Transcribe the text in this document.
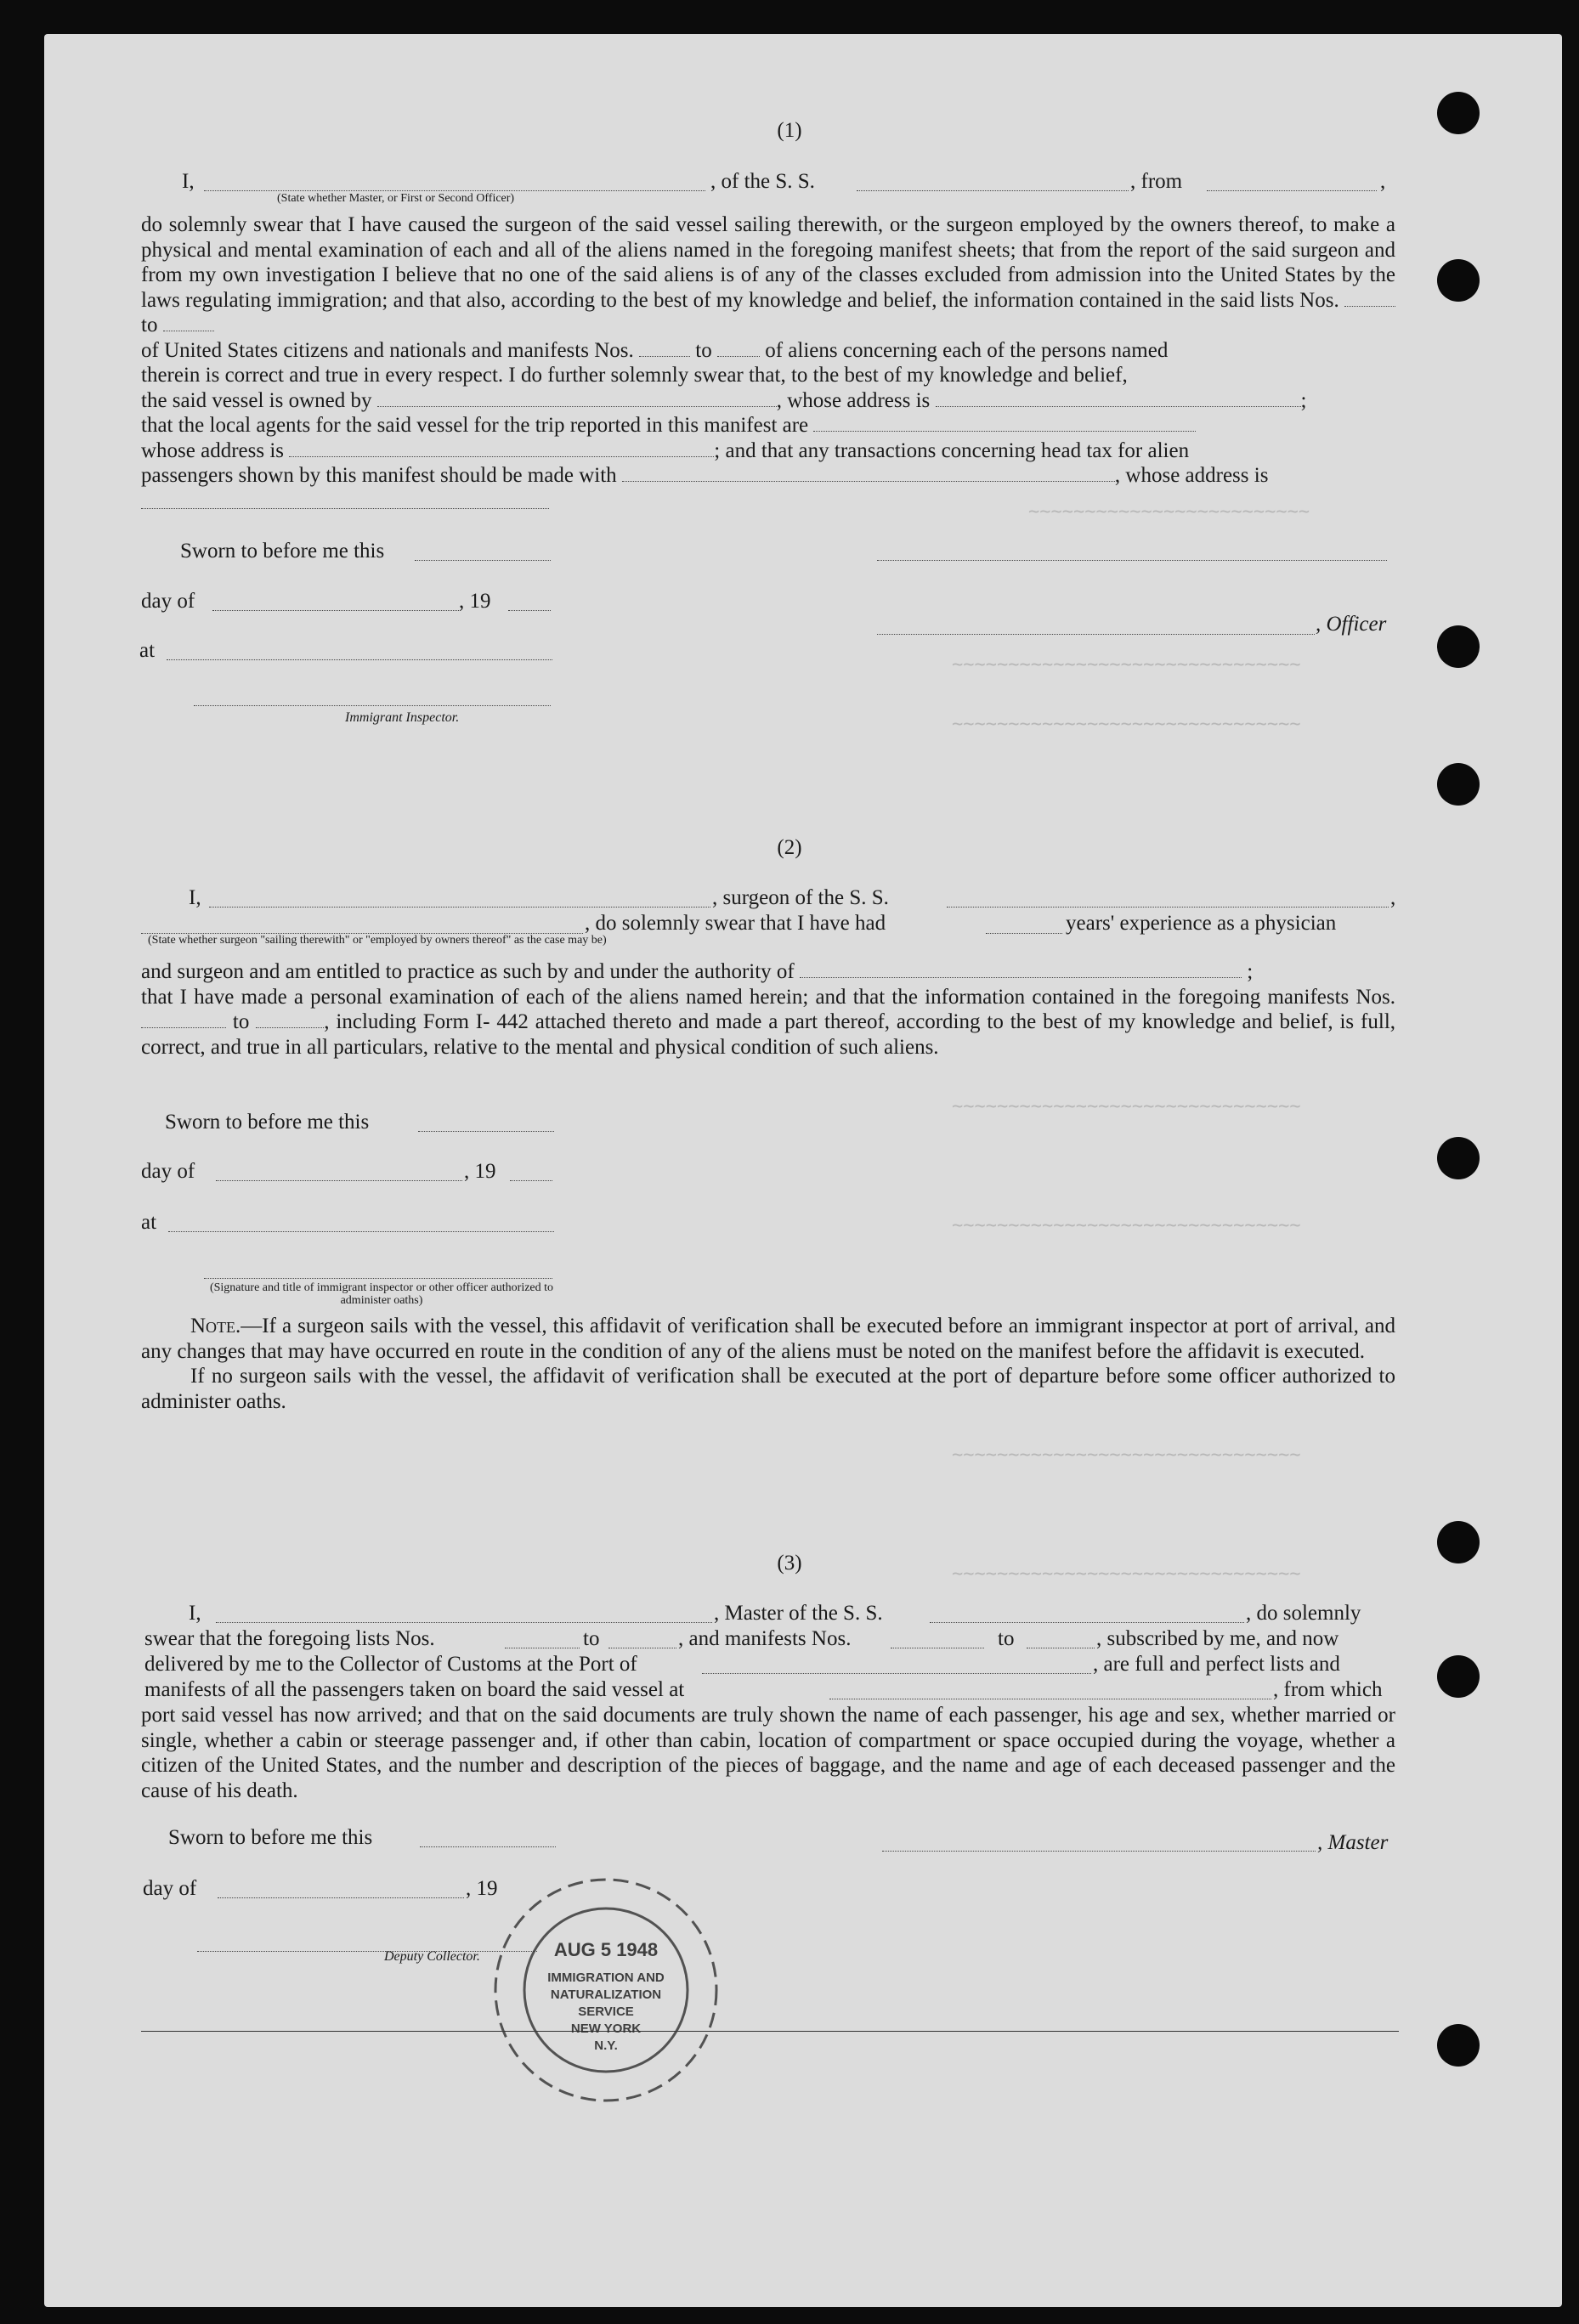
~~~~~~~~~~~~~~~~~~~~~~~~~
~~~~~~~~~~~~~~~~~~~~~~~~~~~~~~~
~~~~~~~~~~~~~~~~~~~~~~~~~~~~~~~
~~~~~~~~~~~~~~~~~~~~~~~~~~~~~~~
~~~~~~~~~~~~~~~~~~~~~~~~~~~~~~~
~~~~~~~~~~~~~~~~~~~~~~~~~~~~~~~
~~~~~~~~~~~~~~~~~~~~~~~~~~~~~~~
(1)
I,	, of the S. S.	, from	,
(State whether Master, or First or Second Officer)

do solemnly swear that I have caused the surgeon of the said vessel sailing therewith, or the surgeon employed by the owners thereof, to make a physical and mental examination of each and all of the aliens named in the foregoing manifest sheets; that from the report of the said surgeon and from my own investigation I believe that no one of the said aliens is of any of the classes excluded from admission into the United States by the laws regulating immigration; and that also, according to the best of my knowledge and belief, the information contained in the said lists Nos.  to

of United States citizens and nationals and manifests Nos.	to	of aliens concerning each of the persons named

therein is correct and true in every respect. I do further solemnly swear that, to the best of my knowledge and belief,

the said vessel is owned by	, whose address is	;

that the local agents for the said vessel for the trip reported in this manifest are

whose address is	; and that any transactions concerning head tax for alien

passengers shown by this manifest should be made with	, whose address is

Sworn to before me this
day of	, 19
, Officer
at
Immigrant Inspector.
(2)
I,	, surgeon of the S. S.	,
, do solemnly swear that I have had	years' experience as a physician
(State whether surgeon "sailing therewith" or "employed by owners thereof" as the case may be)

and surgeon and am entitled to practice as such by and under the authority of	;

that I have made a personal examination of each of the aliens named herein; and that the information contained in the foregoing manifests Nos.  to	, including Form I- 442 attached thereto and made a part thereof, according to the best of my knowledge and belief, is full, correct, and true in all particulars, relative to the mental and physical condition of such aliens.

Sworn to before me this
day of	, 19
at
(Signature and title of immigrant inspector or other officer authorized to administer oaths)

Note.—If a surgeon sails with the vessel, this affidavit of verification shall be executed before an immigrant inspector at port of arrival, and any changes that may have occurred en route in the condition of any of the aliens must be noted on the manifest before the affidavit is executed.

If no surgeon sails with the vessel, the affidavit of verification shall be executed at the port of departure before some officer authorized to administer oaths.

(3)
I,	, Master of the S. S.	, do solemnly
swear that the foregoing lists Nos.	to	, and manifests Nos.	to	, subscribed by me, and now
delivered by me to the Collector of Customs at the Port of	, are full and perfect lists and
manifests of all the passengers taken on board the said vessel at	, from which

port said vessel has now arrived; and that on the said documents are truly shown the name of each passenger, his age and sex, whether married or single, whether a cabin or steerage passenger and, if other than cabin, location of compartment or space occupied during the voyage, whether a citizen of the United States, and the number and description of the pieces of baggage, and the name and age of each deceased passenger and the cause of his death.

Sworn to before me this	, Master
day of	, 19
Deputy Collector.	AUG 5 1948
IMMIGRATION AND
NATURALIZATION
SERVICE
NEW YORK
N.Y.
